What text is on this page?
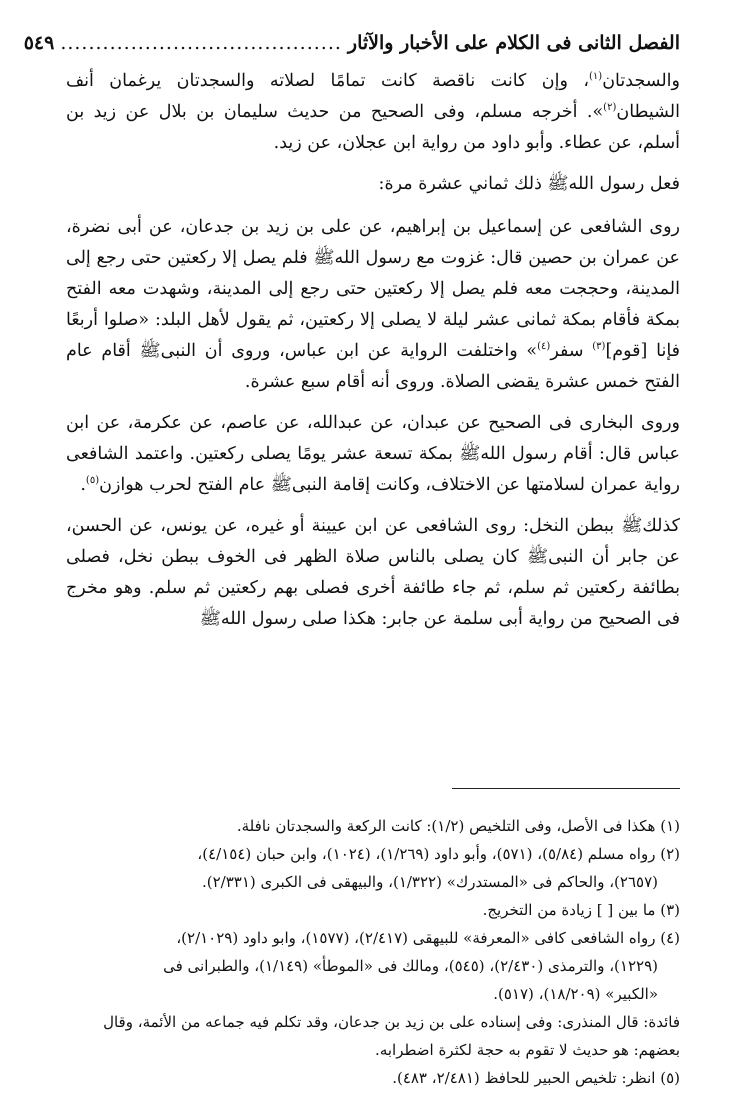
الفصل الثانى فى الكلام على الأخبار والآثار
........................................
٥٤٩

والسجدتان$^{(١)}$، وإن كانت ناقصة كانت تمامًا لصلاته والسجدتان يرغمان أنف الشيطان$^{(٢)}$». أخرجه مسلم، وفى الصحيح من حديث سليمان بن بلال عن زيد بن أسلم، عن عطاء. وأبو داود من رواية ابن عجلان، عن زيد.

فعل رسول اللهﷺ ذلك ثماني عشرة مرة:

روى الشافعى عن إسماعيل بن إبراهيم، عن على بن زيد بن جدعان، عن أبى نضرة، عن عمران بن حصين قال: غزوت مع رسول اللهﷺ فلم يصل إلا ركعتين حتى رجع إلى المدينة، وحججت معه فلم يصل إلا ركعتين حتى رجع إلى المدينة، وشهدت معه الفتح بمكة فأقام بمكة ثمانى عشر ليلة لا يصلى إلا ركعتين، ثم يقول لأهل البلد: «صلوا أربعًا فإنا [قوم]$^{(٣)}$ سفر$^{(٤)}$» واختلفت الرواية عن ابن عباس، وروى أن النبىﷺ أقام عام الفتح خمس عشرة يقضى الصلاة. وروى أنه أقام سبع عشرة.

وروى البخارى فى الصحيح عن عبدان، عن عبدالله، عن عاصم، عن عكرمة، عن ابن عباس قال: أقام رسول اللهﷺ بمكة تسعة عشر يومًا يصلى ركعتين. واعتمد الشافعى رواية عمران لسلامتها عن الاختلاف، وكانت إقامة النبىﷺ عام الفتح لحرب هوازن$^{(٥)}$.

كذلكﷺ ببطن النخل: روى الشافعى عن ابن عيينة أو غيره، عن يونس، عن الحسن، عن جابر أن النبىﷺ كان يصلى بالناس صلاة الظهر فى الخوف ببطن نخل، فصلى بطائفة ركعتين ثم سلم، ثم جاء طائفة أخرى فصلى بهم ركعتين ثم سلم. وهو مخرج فى الصحيح من رواية أبى سلمة عن جابر: هكذا صلى رسول اللهﷺ

(١) هكذا فى الأصل، وفى التلخيص (١/٢): كانت الركعة والسجدتان نافلة.
(٢) رواه مسلم (٥/٨٤)، (٥٧١)، وأبو داود (١/٢٦٩)، (١٠٢٤)، وابن حبان (٤/١٥٤)،
(٢٦٥٧)، والحاكم فى «المستدرك» (١/٣٢٢)، والبيهقى فى الكبرى (٢/٣٣١).
(٣) ما بين [ ] زيادة من التخريج.
(٤) رواه الشافعى كافى «المعرفة» للبيهقى (٢/٤١٧)، (١٥٧٧)، وابو داود (٢/١٠٢٩)،
(١٢٢٩)، والترمذى (٢/٤٣٠)، (٥٤٥)، ومالك فى «الموطأ» (١/١٤٩)، والطبرانى فى
«الكبير» (١٨/٢٠٩)، (٥١٧).
فائدة: قال المنذرى: وفى إسناده على بن زيد بن جدعان، وقد تكلم فيه جماعه من الأئمة، وقال
بعضهم: هو حديث لا تقوم به حجة لكثرة اضطرابه.
(٥) انظر: تلخيص الحبير للحافظ (٢/٤٨١، ٤٨٣).
